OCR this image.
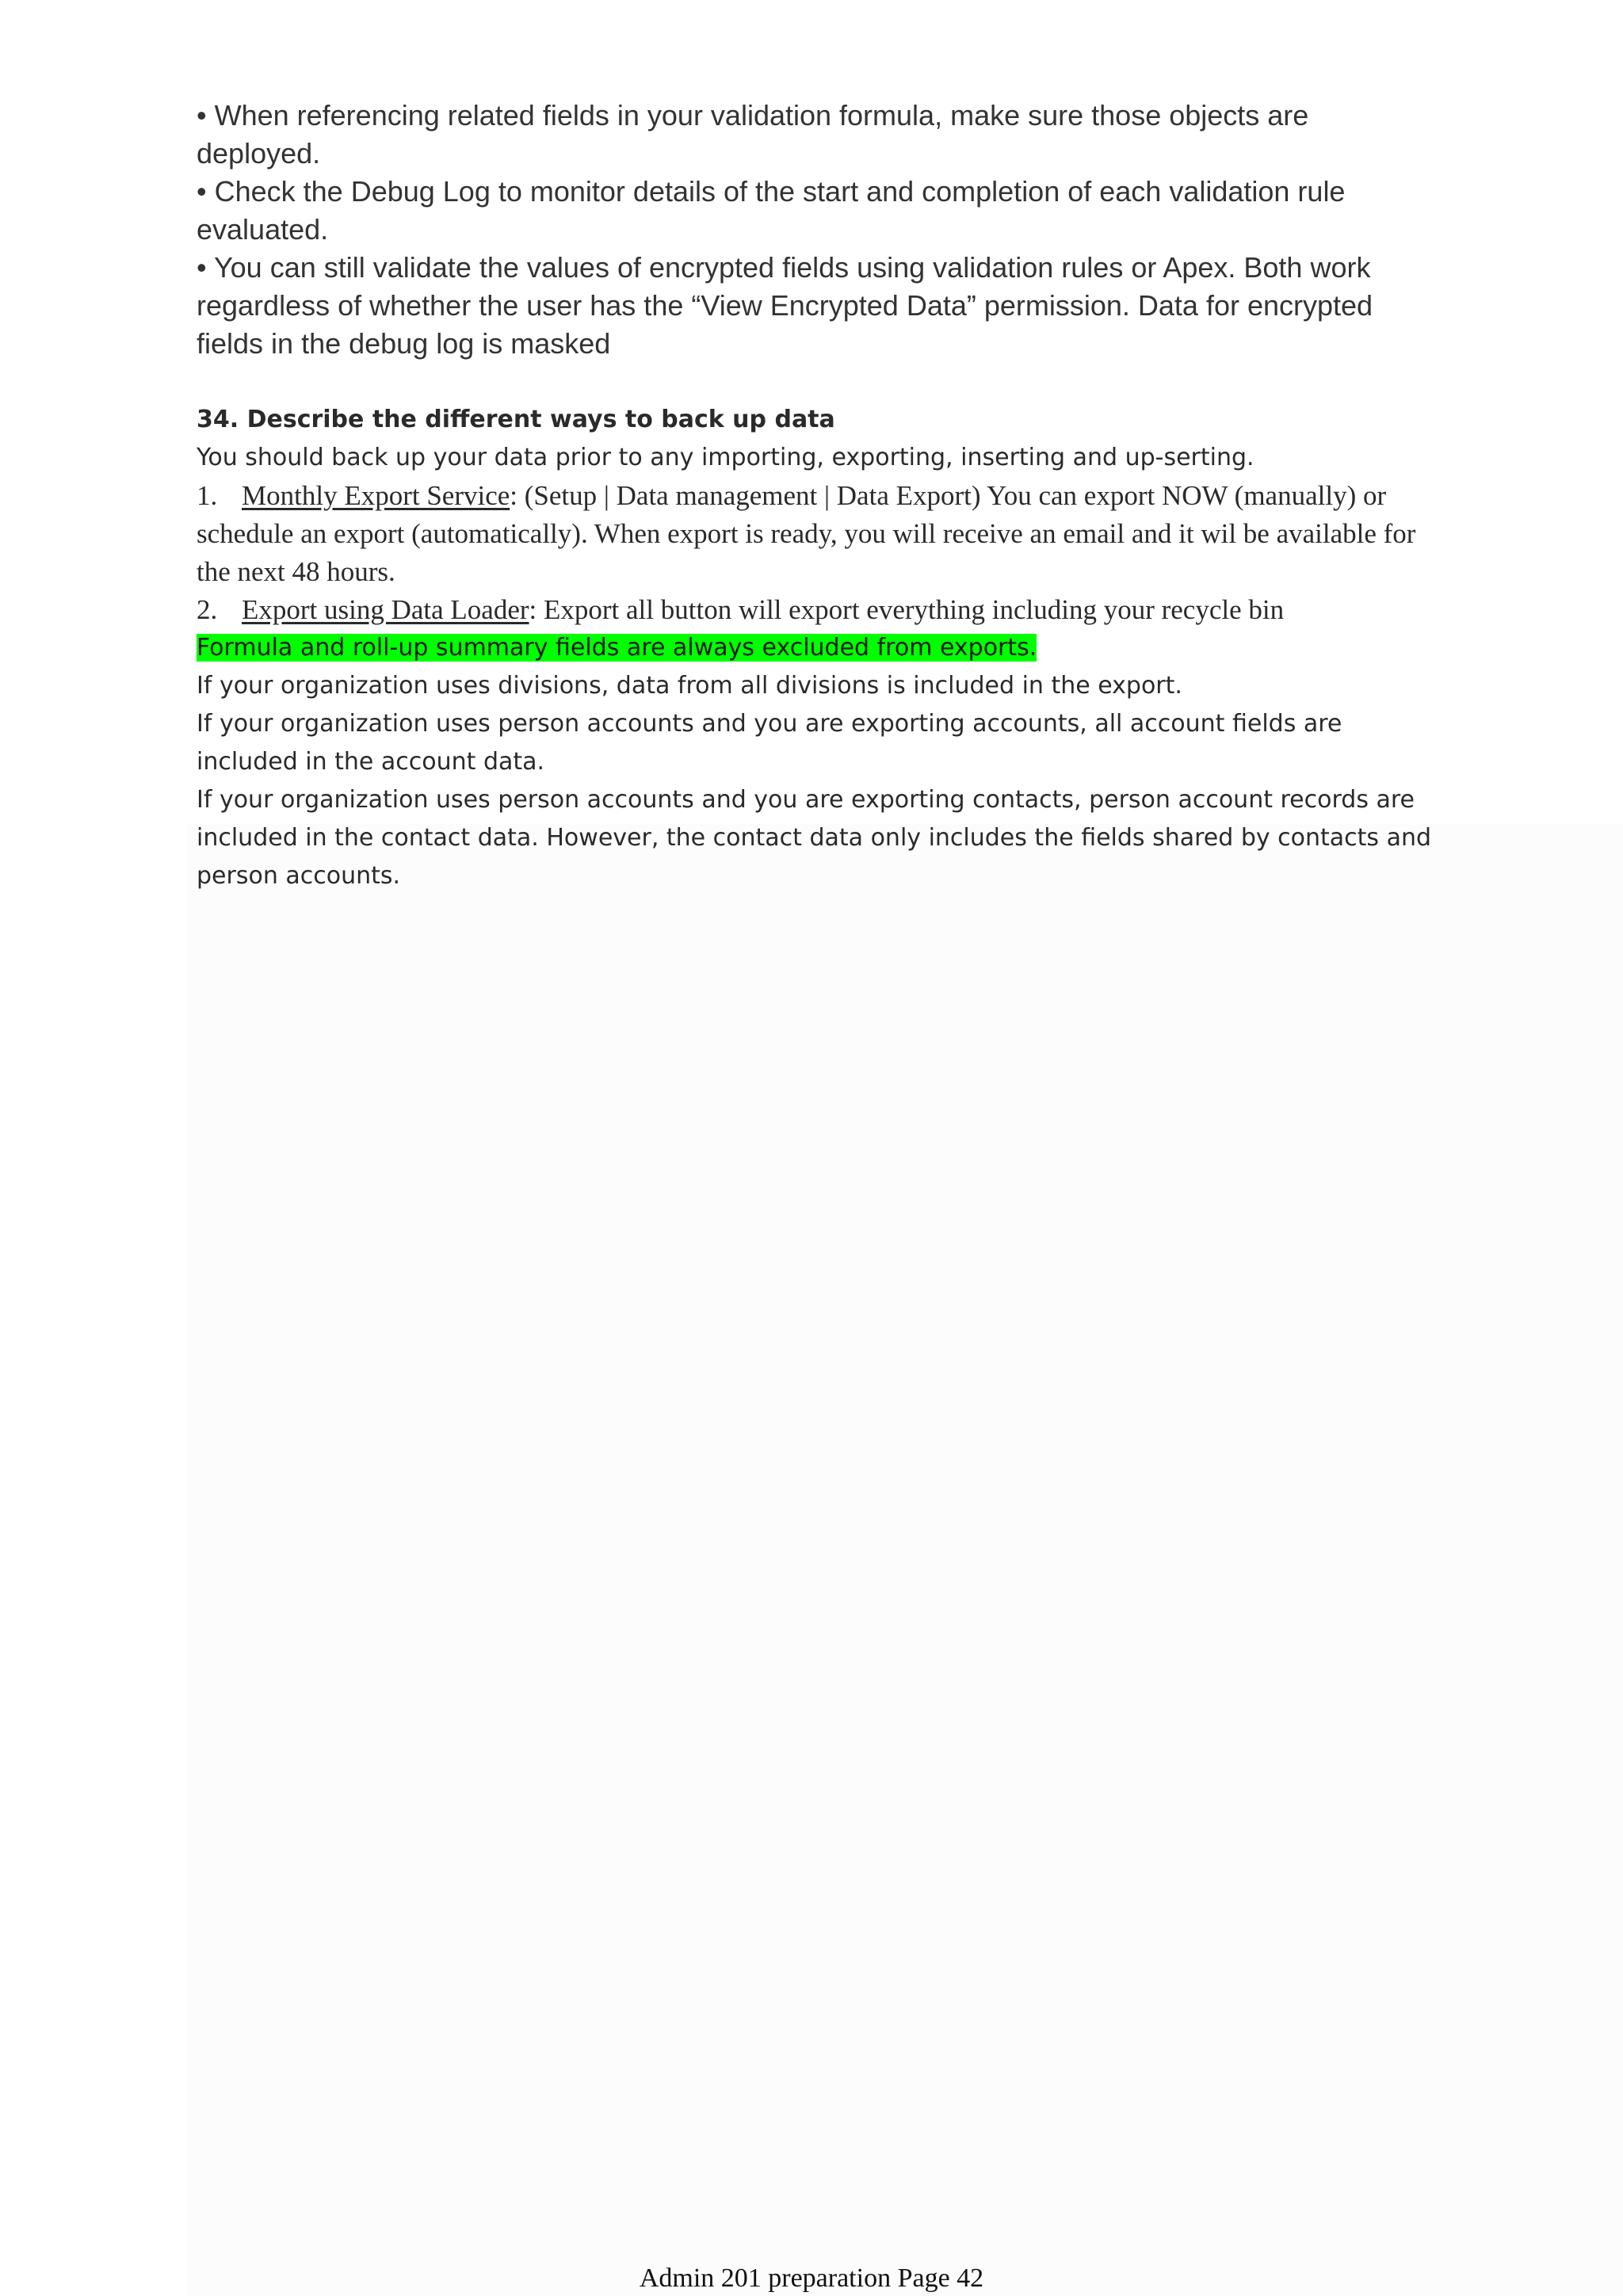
• When referencing related fields in your validation formula, make sure those objects are deployed.

• Check the Debug Log to monitor details of the start and completion of each validation rule evaluated.

• You can still validate the values of encrypted fields using validation rules or Apex. Both work regardless of whether the user has the “View Encrypted Data” permission. Data for encrypted fields in the debug log is masked

34. Describe the different ways to back up data

You should back up your data prior to any importing, exporting, inserting and up-serting.

1. Monthly Export Service: (Setup | Data management | Data Export) You can export NOW (manually) or schedule an export (automatically). When export is ready, you will receive an email and it wil be available for the next 48 hours.

2. Export using Data Loader: Export all button will export everything including your recycle bin

Formula and roll-up summary fields are always excluded from exports.

If your organization uses divisions, data from all divisions is included in the export.

If your organization uses person accounts and you are exporting accounts, all account fields are included in the account data.

If your organization uses person accounts and you are exporting contacts, person account records are included in the contact data. However, the contact data only includes the fields shared by contacts and person accounts.

Admin 201 preparation Page 42
